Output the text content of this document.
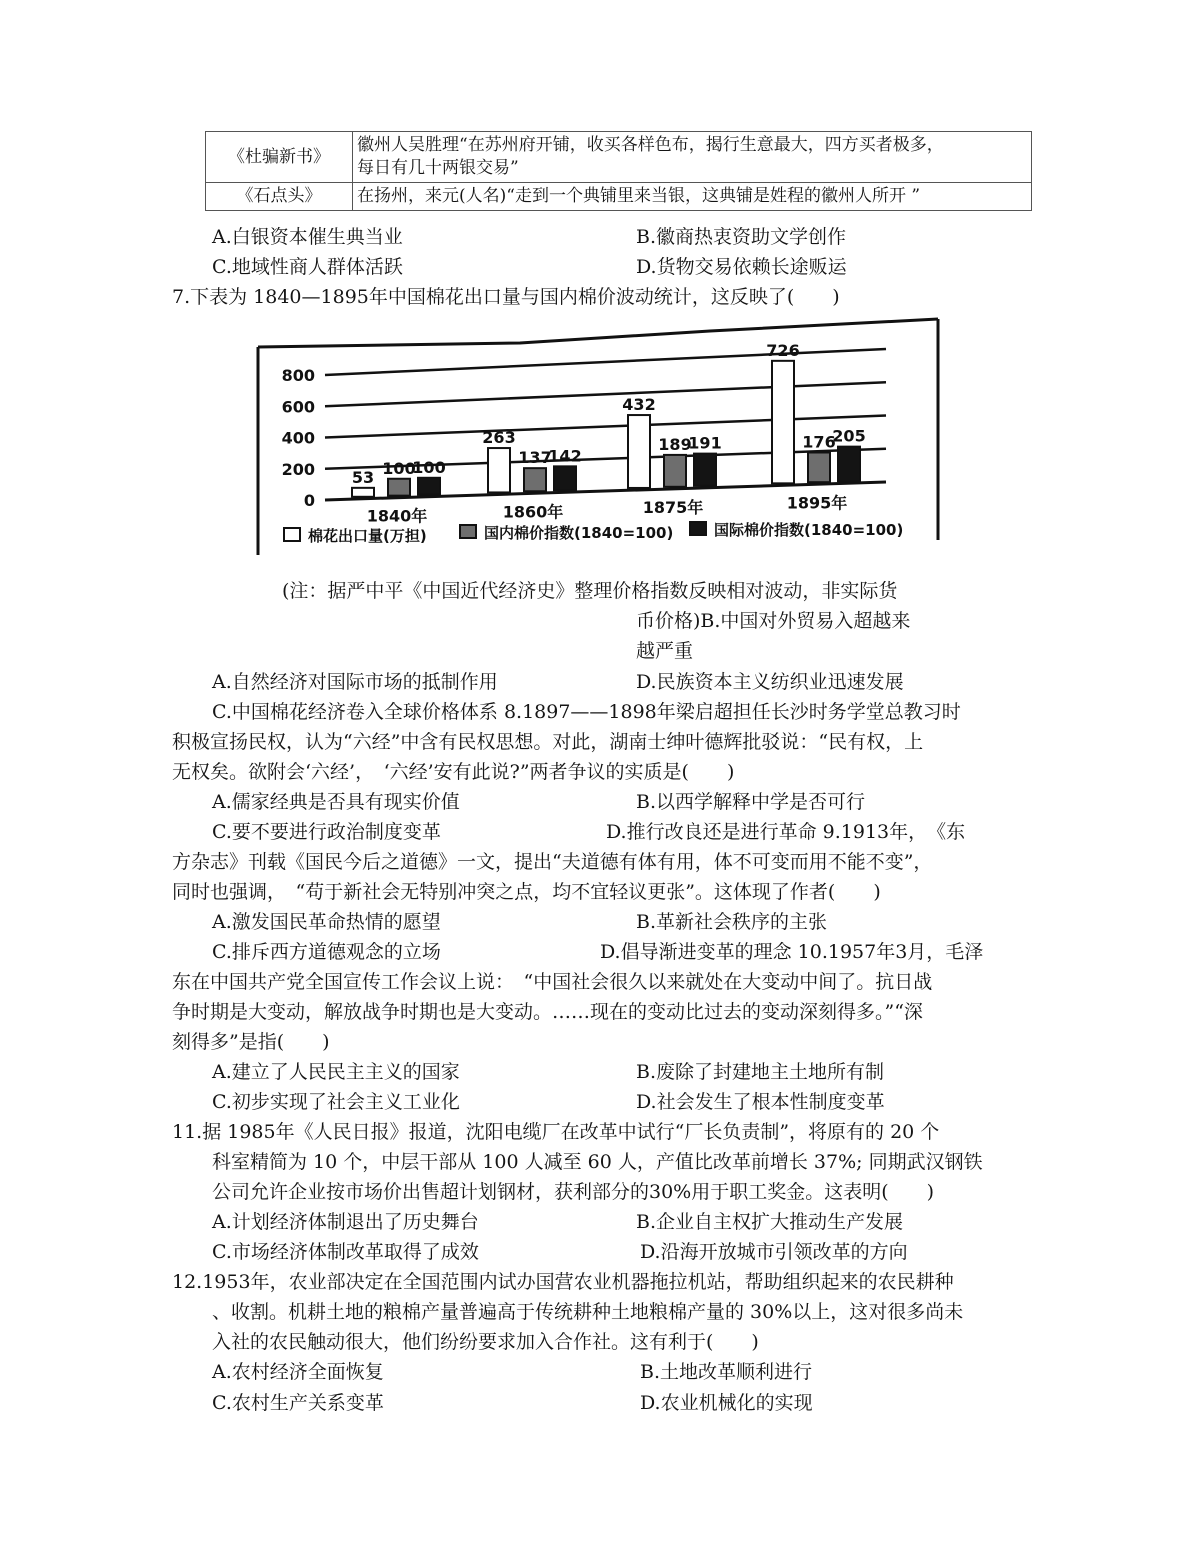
《杜骗新书》	徽州人吴胜理“在苏州府开铺，收买各样色布，揭行生意最大，四方买者极多，
每日有几十两银交易”
《石点头》	在扬州，来元(人名)“走到一个典铺里来当银，这典铺是姓程的徽州人所开 ”
A.白银资本催生典当业	B.徽商热衷资助文学创作
C.地域性商人群体活跃	D.货物交易依赖长途贩运
7.下表为 1840—1895年中国棉花出口量与国内棉价波动统计，这反映了(　　)
800
600
400
200
0
53 100
100
263
137
142
432
189
191
726
176
205
1840年	1860年	1875年	1895年
棉花出口量(万担)	国内棉价指数(1840=100)	国际棉价指数(1840=100)
(注：据严中平《中国近代经济史》整理价格指数反映相对波动，非实际货
币价格)B.中国对外贸易入超越来
越严重
A.自然经济对国际市场的抵制作用	D.民族资本主义纺织业迅速发展
C.中国棉花经济卷入全球价格体系 8.1897——1898年梁启超担任长沙时务学堂总教习时
积极宣扬民权，认为“六经”中含有民权思想。对此，湖南士绅叶德辉批驳说：“民有权，上
无权矣。欲附会‘六经’，　‘六经’安有此说?”两者争议的实质是(　　)
A.儒家经典是否具有现实价值	B.以西学解释中学是否可行
C.要不要进行政治制度变革	D.推行改良还是进行革命 9.1913年，　《东
方杂志》刊载《国民今后之道德》一文，提出“夫道德有体有用，体不可变而用不能不变”，
同时也强调，　“苟于新社会无特别冲突之点，均不宜轻议更张”。这体现了作者(　　)
A.激发国民革命热情的愿望	B.革新社会秩序的主张
C.排斥西方道德观念的立场	D.倡导渐进变革的理念 10.1957年3月，毛泽
东在中国共产党全国宣传工作会议上说：　“中国社会很久以来就处在大变动中间了。抗日战
争时期是大变动，解放战争时期也是大变动。……现在的变动比过去的变动深刻得多。”“深
刻得多”是指(　　)
A.建立了人民民主主义的国家	B.废除了封建地主土地所有制
C.初步实现了社会主义工业化	D.社会发生了根本性制度变革
11.据 1985年《人民日报》报道，沈阳电缆厂在改革中试行“厂长负责制”，将原有的 20 个
科室精简为 10 个，中层干部从 100 人减至 60 人，产值比改革前增长 37%; 同期武汉钢铁
公司允许企业按市场价出售超计划钢材，获利部分的30%用于职工奖金。这表明(　　)
A.计划经济体制退出了历史舞台	B.企业自主权扩大推动生产发展
C.市场经济体制改革取得了成效	D.沿海开放城市引领改革的方向
12.1953年，农业部决定在全国范围内试办国营农业机器拖拉机站，帮助组织起来的农民耕种
、收割。机耕土地的粮棉产量普遍高于传统耕种土地粮棉产量的 30%以上，这对很多尚未
入社的农民触动很大，他们纷纷要求加入合作社。这有利于(　　)
A.农村经济全面恢复	B.土地改革顺利进行
C.农村生产关系变革	D.农业机械化的实现
